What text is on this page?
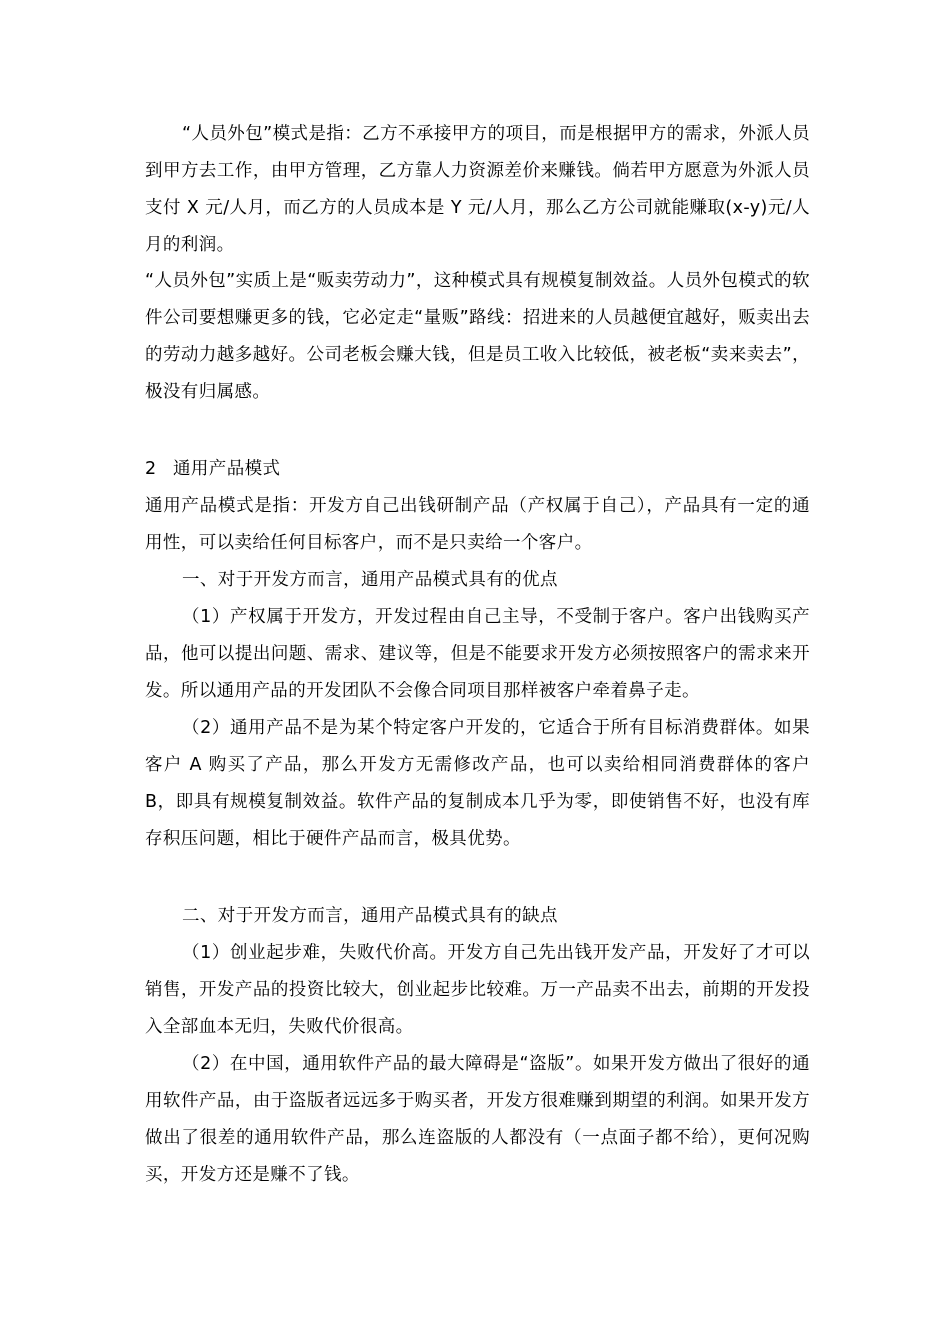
“人员外包”模式是指：乙方不承接甲方的项目，而是根据甲方的需求，外派人员到甲方去工作，由甲方管理，乙方靠人力资源差价来赚钱。倘若甲方愿意为外派人员支付 X 元/人月，而乙方的人员成本是 Y 元/人月，那么乙方公司就能赚取(x-y)元/人月的利润。

“人员外包”实质上是“贩卖劳动力”，这种模式具有规模复制效益。人员外包模式的软件公司要想赚更多的钱，它必定走“量贩”路线：招进来的人员越便宜越好，贩卖出去的劳动力越多越好。公司老板会赚大钱，但是员工收入比较低，被老板“卖来卖去”，极没有归属感。

2 通用产品模式

通用产品模式是指：开发方自己出钱研制产品（产权属于自己），产品具有一定的通用性，可以卖给任何目标客户，而不是只卖给一个客户。

一、对于开发方而言，通用产品模式具有的优点

（1）产权属于开发方，开发过程由自己主导，不受制于客户。客户出钱购买产品，他可以提出问题、需求、建议等，但是不能要求开发方必须按照客户的需求来开发。所以通用产品的开发团队不会像合同项目那样被客户牵着鼻子走。

（2）通用产品不是为某个特定客户开发的，它适合于所有目标消费群体。如果客户 A 购买了产品，那么开发方无需修改产品，也可以卖给相同消费群体的客户 B，即具有规模复制效益。软件产品的复制成本几乎为零，即使销售不好，也没有库存积压问题，相比于硬件产品而言，极具优势。

二、对于开发方而言，通用产品模式具有的缺点

（1）创业起步难，失败代价高。开发方自己先出钱开发产品，开发好了才可以销售，开发产品的投资比较大，创业起步比较难。万一产品卖不出去，前期的开发投入全部血本无归，失败代价很高。

（2）在中国，通用软件产品的最大障碍是“盗版”。如果开发方做出了很好的通用软件产品，由于盗版者远远多于购买者，开发方很难赚到期望的利润。如果开发方做出了很差的通用软件产品，那么连盗版的人都没有（一点面子都不给），更何况购买，开发方还是赚不了钱。
